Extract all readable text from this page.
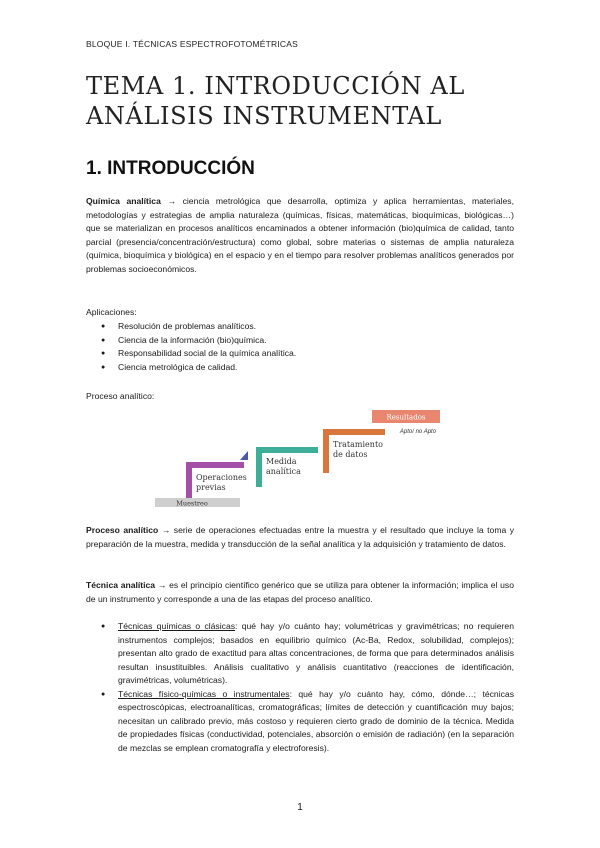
BLOQUE I. TÉCNICAS ESPECTROFOTOMÉTRICAS
TEMA 1. INTRODUCCIÓN AL ANÁLISIS INSTRUMENTAL
1. INTRODUCCIÓN

Química analítica → ciencia metrológica que desarrolla, optimiza y aplica herramientas, materiales, metodologías y estrategias de amplia naturaleza (químicas, físicas, matemáticas, bioquímicas, biológicas…) que se materializan en procesos analíticos encaminados a obtener información (bio)química de calidad, tanto parcial (presencia/concentración/estructura) como global, sobre materias o sistemas de amplia naturaleza (química, bioquímica y biológica) en el espacio y en el tiempo para resolver problemas analíticos generados por problemas socioeconómicos.

Aplicaciones:

● Resolución de problemas analíticos.
● Ciencia de la información (bio)química.
● Responsabilidad social de la química analítica.
● Ciencia metrológica de calidad.

Proceso analítico:

Muestreo
Operaciones
previas
Medida
analítica
Tratamiento
de datos
Resultados
Apto/ no Apto

Proceso analítico → serie de operaciones efectuadas entre la muestra y el resultado que incluye la toma y preparación de la muestra, medida y transducción de la señal analítica y la adquisición y tratamiento de datos.

Técnica analítica → es el principio científico genérico que se utiliza para obtener la información; implica el uso de un instrumento y corresponde a una de las etapas del proceso analítico.

● Técnicas químicas o clásicas: qué hay y/o cuánto hay; volumétricas y gravimétricas; no requieren instrumentos complejos; basados en equilibrio químico (Ac-Ba, Redox, solubilidad, complejos); presentan alto grado de exactitud para altas concentraciones, de forma que para determinados análisis resultan insustituibles. Análisis cualitativo y análisis cuantitativo (reacciones de identificación, gravimétricas, volumétricas).
● Técnicas físico-químicas o instrumentales: qué hay y/o cuánto hay, cómo, dónde…; técnicas espectroscópicas, electroanalíticas, cromatográficas; límites de detección y cuantificación muy bajos; necesitan un calibrado previo, más costoso y requieren cierto grado de dominio de la técnica. Medida de propiedades físicas (conductividad, potenciales, absorción o emisión de radiación) (en la separación de mezclas se emplean cromatografía y electroforesis).
1
